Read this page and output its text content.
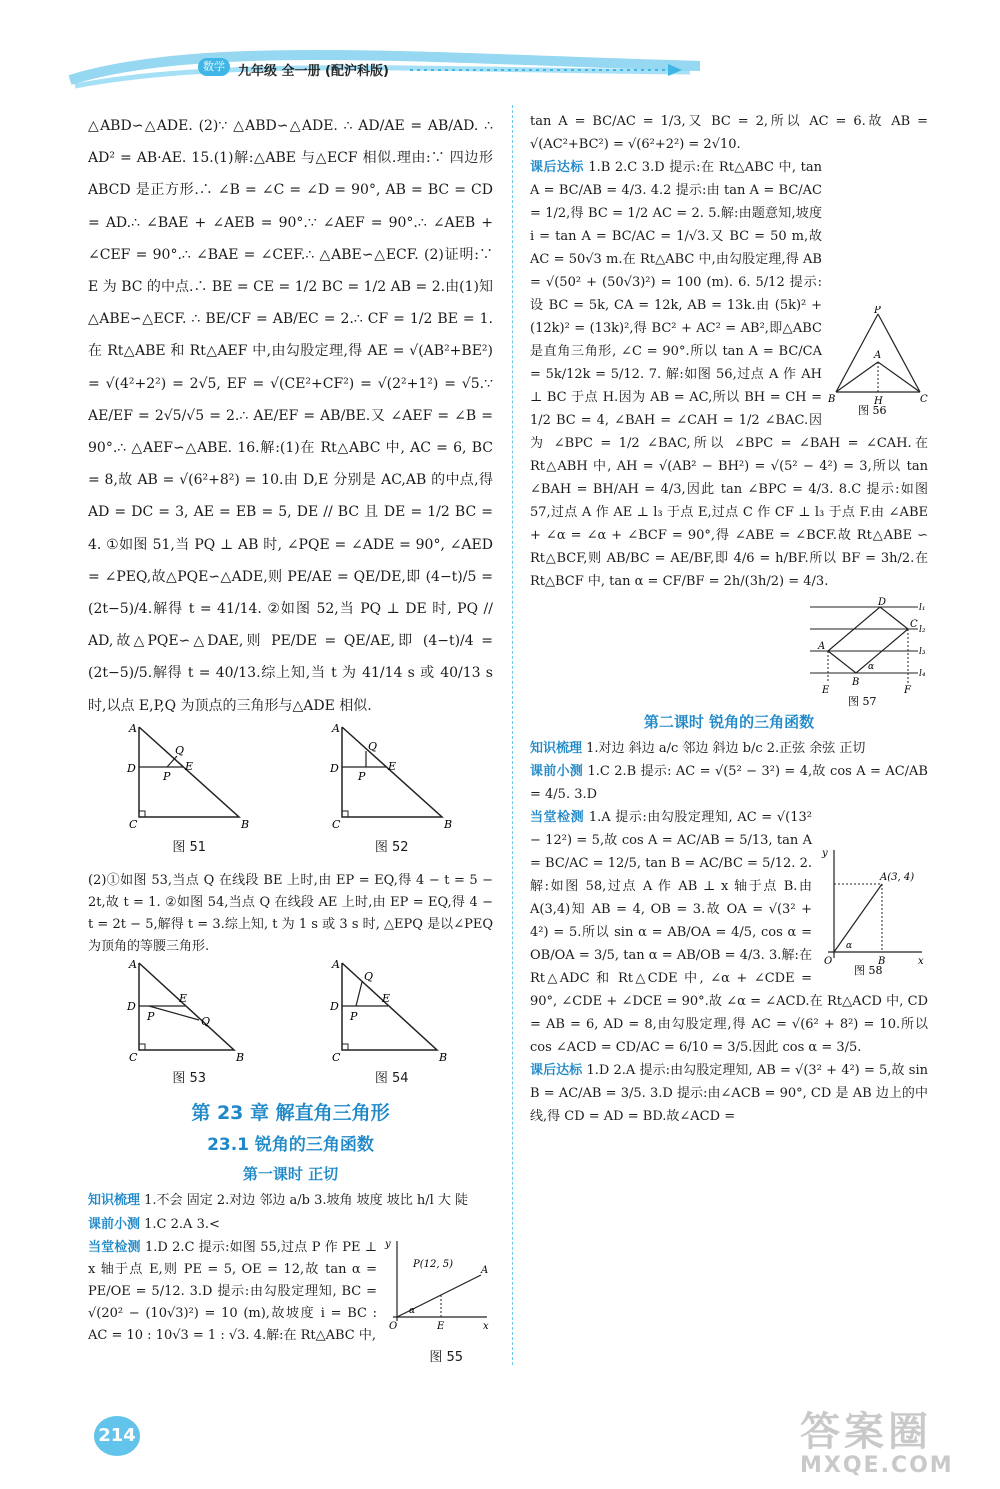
数学	九年级 全一册 (配沪科版)

△ABD∽△ADE. (2)∵ △ABD∽△ADE. ∴ AD/AE = AB/AD. ∴ AD² = AB·AE. 15.(1)解:△ABE 与△ECF 相似.理由:∵ 四边形 ABCD 是正方形.∴ ∠B = ∠C = ∠D = 90°, AB = BC = CD = AD.∴ ∠BAE + ∠AEB = 90°.∵ ∠AEF = 90°.∴ ∠AEB + ∠CEF = 90°.∴ ∠BAE = ∠CEF.∴ △ABE∽△ECF. (2)证明:∵ E 为 BC 的中点.∴ BE = CE = 1/2 BC = 1/2 AB = 2.由(1)知 △ABE∽△ECF. ∴ BE/CF = AB/EC = 2.∴ CF = 1/2 BE = 1.在 Rt△ABE 和 Rt△AEF 中,由勾股定理,得 AE = √(AB²+BE²) = √(4²+2²) = 2√5, EF = √(CE²+CF²) = √(2²+1²) = √5.∵ AE/EF = 2√5/√5 = 2.∴ AE/EF = AB/BE.又 ∠AEF = ∠B = 90°.∴ △AEF∽△ABE. 16.解:(1)在 Rt△ABC 中, AC = 6, BC = 8,故 AB = √(6²+8²) = 10.由 D,E 分别是 AC,AB 的中点,得 AD = DC = 3, AE = EB = 5, DE // BC 且 DE = 1/2 BC = 4. ①如图 51,当 PQ ⊥ AB 时, ∠PQE = ∠ADE = 90°, ∠AED = ∠PEQ,故△PQE∽△ADE,则 PE/AE = QE/DE,即 (4−t)/5 = (2t−5)/4.解得 t = 41/14. ②如图 52,当 PQ ⊥ DE 时, PQ // AD,故△PQE∽△DAE,则 PE/DE = QE/AE,即 (4−t)/4 = (2t−5)/5.解得 t = 40/13.综上知,当 t 为 41/14 s 或 40/13 s 时,以点 E,P,Q 为顶点的三角形与△ADE 相似.

A
D
C	B
E
P
Q
图 51
A
D
C	B
E
P
Q
图 52

(2)①如图 53,当点 Q 在线段 BE 上时,由 EP = EQ,得 4 − t = 5 − 2t,故 t = 1. ②如图 54,当点 Q 在线段 AE 上时,由 EP = EQ,得 4 − t = 2t − 5,解得 t = 3.综上知, t 为 1 s 或 3 s 时, △EPQ 是以∠PEQ 为顶角的等腰三角形.

A
D
C	B
E
P	Q
图 53
A
D
C	B
E
P
Q
图 54
第 23 章 解直角三角形
23.1 锐角的三角函数
第一课时 正切

知识梳理 1.不会 固定 2.对边 邻边 a/b 3.坡角 坡度 坡比 h/l 大 陡

课前小测 1.C 2.A 3.<

y
x
O	E
P(12, 5)
A
α
当堂检测 1.D 2.C 提示:如图 55,过点 P 作 PE ⊥ x 轴于点 E,则 PE = 5, OE = 12,故 tan α = PE/OE = 5/12. 3.D 提示:由勾股定理知, BC = √(20² − (10√3)²) = 10 (m),故坡度 i = BC : AC = 10 : 10√3 = 1 : √3. 4.解:在 Rt△ABC 中,
图 55

tan A = BC/AC = 1/3,又 BC = 2,所以 AC = 6.故 AB = √(AC²+BC²) = √(6²+2²) = 2√10.

P
A
B	C
H
图 56
课后达标 1.B 2.C 3.D 提示:在 Rt△ABC 中, tan A = BC/AB = 4/3. 4.2 提示:由 tan A = BC/AC = 1/2,得 BC = 1/2 AC = 2. 5.解:由题意知,坡度 i = tan A = BC/AC = 1/√3.又 BC = 50 m,故 AC = 50√3 m.在 Rt△ABC 中,由勾股定理,得 AB = √(50² + (50√3)²) = 100 (m). 6. 5/12 提示:设 BC = 5k, CA = 12k, AB = 13k.由 (5k)² + (12k)² = (13k)²,得 BC² + AC² = AB²,即△ABC 是直角三角形, ∠C = 90°.所以 tan A = BC/CA = 5k/12k = 5/12. 7. 解:如图 56,过点 A 作 AH ⊥ BC 于点 H.因为 AB = AC,所以 BH = CH = 1/2 BC = 4, ∠BAH = ∠CAH = 1/2 ∠BAC.因为 ∠BPC = 1/2 ∠BAC,所以 ∠BPC = ∠BAH = ∠CAH.在 Rt△ABH 中, AH = √(AB² − BH²) = √(5² − 4²) = 3,所以 tan ∠BAH = BH/AH = 4/3,因此 tan ∠BPC = 4/3. 8.C 提示:如图 57,过点 A 作 AE ⊥ l₃ 于点 E,过点 C 作 CF ⊥ l₃ 于点 F.由 ∠ABE + ∠α = ∠α + ∠BCF = 90°,得 ∠ABE = ∠BCF.故 Rt△ABE ∽ Rt△BCF,则 AB/BC = AE/BF,即 4/6 = h/BF.所以 BF = 3h/2.在 Rt△BCF 中, tan α = CF/BF = 2h/(3h/2) = 4/3.
D
C
A
B
E	F
α
l₁
l₂
l₃
l₄
图 57
第二课时 锐角的三角函数

知识梳理 1.对边 斜边 a/c 邻边 斜边 b/c 2.正弦 余弦 正切

课前小测 1.C 2.B 提示: AC = √(5² − 3²) = 4,故 cos A = AC/AB = 4/5. 3.D

y
x
O	B
A(3, 4)
α
图 58
当堂检测 1.A 提示:由勾股定理知, AC = √(13² − 12²) = 5,故 cos A = AC/AB = 5/13, tan A = BC/AC = 12/5, tan B = AC/BC = 5/12. 2.解:如图 58,过点 A 作 AB ⊥ x 轴于点 B.由 A(3,4)知 AB = 4, OB = 3.故 OA = √(3² + 4²) = 5.所以 sin α = AB/OA = 4/5, cos α = OB/OA = 3/5, tan α = AB/OB = 4/3. 3.解:在 Rt△ADC 和 Rt△CDE 中, ∠α + ∠CDE = 90°, ∠CDE + ∠DCE = 90°.故 ∠α = ∠ACD.在 Rt△ACD 中, CD = AB = 6, AD = 8,由勾股定理,得 AC = √(6² + 8²) = 10.所以 cos ∠ACD = CD/AC = 6/10 = 3/5.因此 cos α = 3/5.

课后达标 1.D 2.A 提示:由勾股定理知, AB = √(3² + 4²) = 5,故 sin B = AC/AB = 3/5. 3.D 提示:由∠ACB = 90°, CD 是 AB 边上的中线,得 CD = AD = BD.故∠ACD =

214	答案圈
MXQE.COM
